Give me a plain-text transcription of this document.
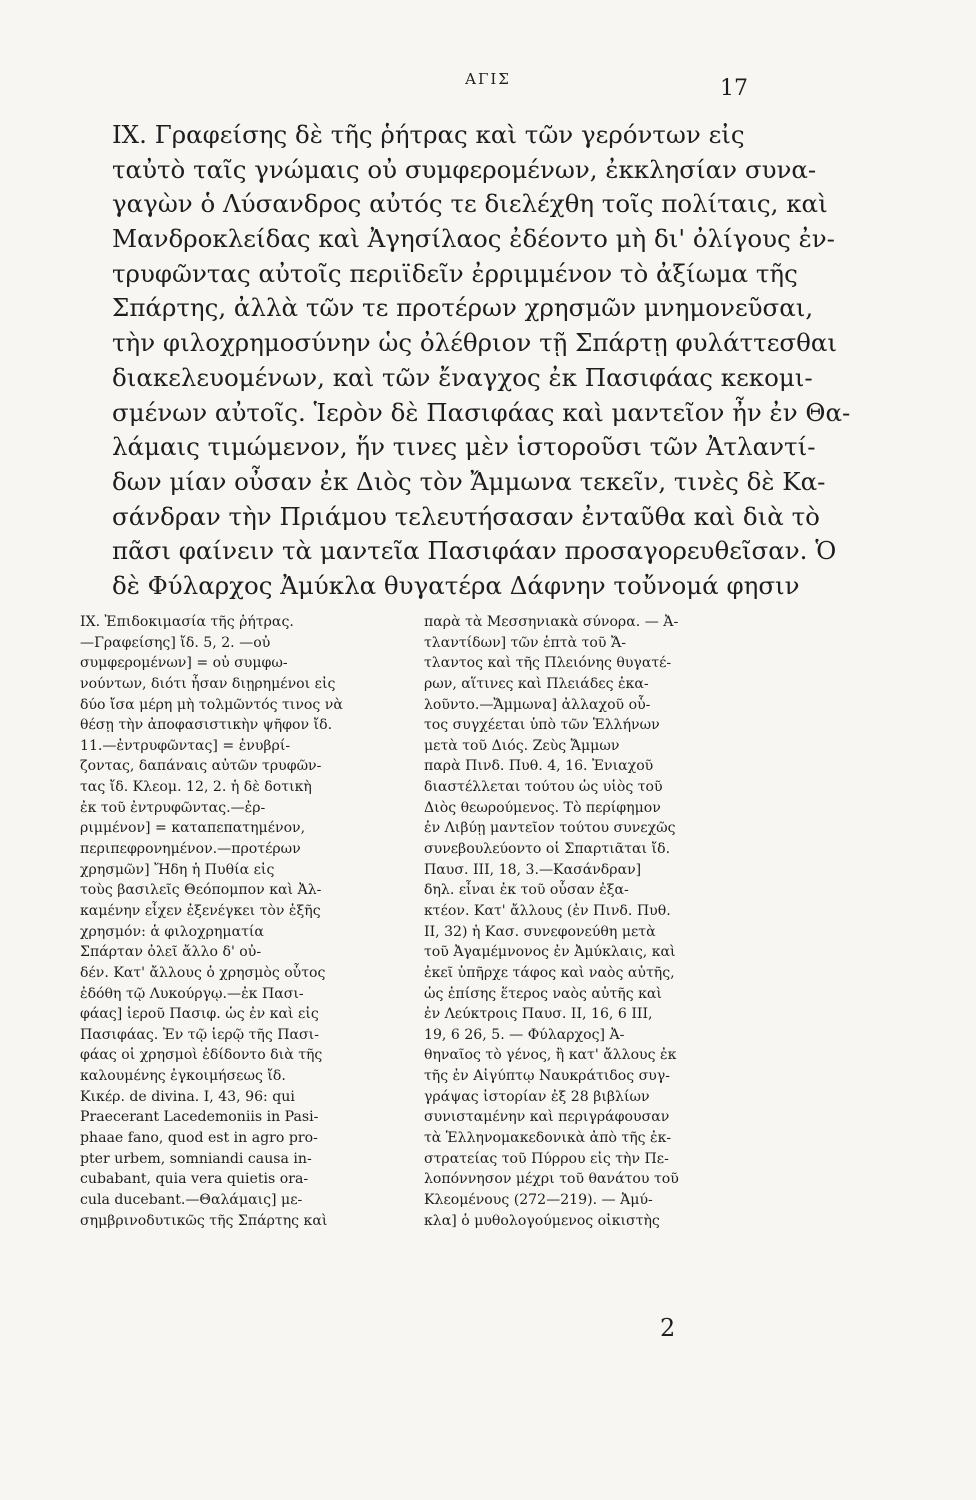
ΑΓΙΣ	17
ΙΧ. Γραφείσης δὲ τῆς ῥήτρας καὶ τῶν γερόντων εἰς
ταὐτὸ ταῖς γνώμαις οὐ συμφερομένων, ἐκκλησίαν συνα-
γαγὼν ὁ Λύσανδρος αὐτός τε διελέχθη τοῖς πολίταις, καὶ
Μανδροκλείδας καὶ Ἀγησίλαος ἐδέοντο μὴ δι' ὀλίγους ἐν-
τρυφῶντας αὐτοῖς περιϊδεῖν ἐρριμμένον τὸ ἀξίωμα τῆς
Σπάρτης, ἀλλὰ τῶν τε προτέρων χρησμῶν μνημονεῦσαι,
τὴν φιλοχρημοσύνην ὡς ὀλέθριον τῇ Σπάρτῃ φυλάττεσθαι
διακελευομένων, καὶ τῶν ἔναγχος ἐκ Πασιφάας κεκομι-
σμένων αὐτοῖς. Ἱερὸν δὲ Πασιφάας καὶ μαντεῖον ἦν ἐν Θα-
λάμαις τιμώμενον, ἥν τινες μὲν ἱστοροῦσι τῶν Ἀτλαντί-
δων μίαν οὖσαν ἐκ Διὸς τὸν Ἄμμωνα τεκεῖν, τινὲς δὲ Κα-
σάνδραν τὴν Πριάμου τελευτήσασαν ἐνταῦθα καὶ διὰ τὸ
πᾶσι φαίνειν τὰ μαντεῖα Πασιφάαν προσαγορευθεῖσαν. Ὁ
δὲ Φύλαρχος Ἀμύκλα θυγατέρα Δάφνην τοὔνομά φησιν
ΙΧ. Ἐπιδοκιμασία τῆς ῥήτρας.
—Γραφείσης] ἴδ. 5, 2. —οὐ
συμφερομένων] = οὐ συμφω-
νούντων, διότι ἦσαν διῃρημένοι εἰς
δύο ἴσα μέρη μὴ τολμῶντός τινος νὰ
θέσῃ τὴν ἀποφασιστικὴν ψῆφον ἴδ.
11.—ἐντρυφῶντας] = ἐνυβρί-
ζοντας, δαπάναις αὐτῶν τρυφῶν-
τας ἴδ. Κλεομ. 12, 2. ἡ δὲ δοτικὴ
ἐκ τοῦ ἐντρυφῶντας.—ἐρ-
ριμμένον] = καταπεπατημένον,
περιπεφρονημένον.—προτέρων
χρησμῶν] Ἤδη ἡ Πυθία εἰς
τοὺς βασιλεῖς Θεόπομπον καὶ Ἀλ-
καμένην εἶχεν ἐξενέγκει τὸν ἑξῆς
χρησμόν: ἁ φιλοχρηματία
Σπάρταν ὀλεῖ ἄλλο δ' οὐ-
δέν. Κατ' ἄλλους ὁ χρησμὸς οὗτος
ἐδόθη τῷ Λυκούργῳ.—ἐκ Πασι-
φάας] ἱεροῦ Πασιφ. ὡς ἐν καὶ εἰς
Πασιφάας. Ἐν τῷ ἱερῷ τῆς Πασι-
φάας οἱ χρησμοὶ ἐδίδοντο διὰ τῆς
καλουμένης ἐγκοιμήσεως ἴδ.
Κικέρ. de divina. I, 43, 96: qui
Praecerant Lacedemoniis in Pasi-
phaae fano, quod est in agro pro-
pter urbem, somniandi causa in-
cubabant, quia vera quietis ora-
cula ducebant.—Θαλάμαις] με-
σημβρινοδυτικῶς τῆς Σπάρτης καὶ
παρὰ τὰ Μεσσηνιακὰ σύνορα. — Ἀ-
τλαντίδων] τῶν ἑπτὰ τοῦ Ἄ-
τλαντος καὶ τῆς Πλειόνης θυγατέ-
ρων, αἵτινες καὶ Πλειάδες ἐκα-
λοῦντο.—Ἄμμωνα] ἀλλαχοῦ οὗ-
τος συγχέεται ὑπὸ τῶν Ἑλλήνων
μετὰ τοῦ Διός. Ζεὺς Ἄμμων
παρὰ Πινδ. Πυθ. 4, 16. Ἐνιαχοῦ
διαστέλλεται τούτου ὡς υἱὸς τοῦ
Διὸς θεωρούμενος. Τὸ περίφημον
ἐν Λιβύῃ μαντεῖον τούτου συνεχῶς
συνεβουλεύοντο οἱ Σπαρτιᾶται ἴδ.
Παυσ. III, 18, 3.—Κασάνδραν]
δηλ. εἶναι ἐκ τοῦ οὖσαν ἐξα-
κτέον. Κατ' ἄλλους (ἐν Πινδ. Πυθ.
II, 32) ἡ Κασ. συνεφονεύθη μετὰ
τοῦ Ἀγαμέμνονος ἐν Ἀμύκλαις, καὶ
ἐκεῖ ὑπῆρχε τάφος καὶ ναὸς αὐτῆς,
ὡς ἐπίσης ἕτερος ναὸς αὐτῆς καὶ
ἐν Λεύκτροις Παυσ. II, 16, 6 III,
19, 6 26, 5. — Φύλαρχος] Ἀ-
θηναῖος τὸ γένος, ἢ κατ' ἄλλους ἐκ
τῆς ἐν Αἰγύπτῳ Ναυκράτιδος συγ-
γράψας ἱστορίαν ἐξ 28 βιβλίων
συνισταμένην καὶ περιγράφουσαν
τὰ Ἑλληνομακεδονικὰ ἀπὸ τῆς ἐκ-
στρατείας τοῦ Πύρρου εἰς τὴν Πε-
λοπόννησον μέχρι τοῦ θανάτου τοῦ
Κλεομένους (272—219). — Ἀμύ-
κλα] ὁ μυθολογούμενος οἰκιστὴς
2
